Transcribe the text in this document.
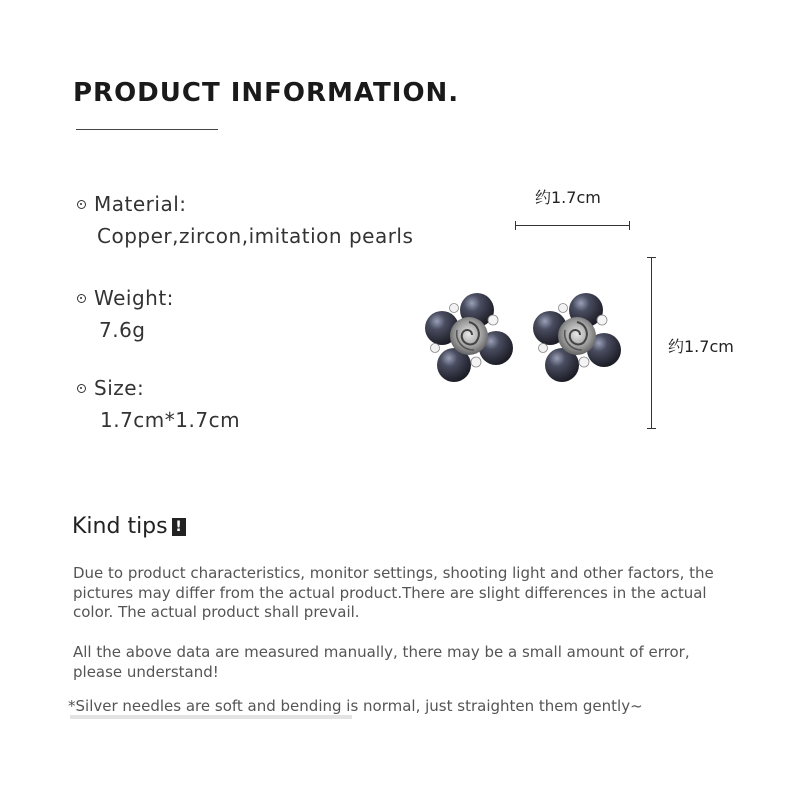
PRODUCT INFORMATION.
Material:
Copper,zircon,imitation pearls
Weight:
7.6g
Size:
1.7cm*1.7cm
约1.7cm
约1.7cm
Kind tips !
Due to product characteristics, monitor settings, shooting light and other factors, the pictures may differ from the actual product.There are slight differences in the actual color. The actual product shall prevail.
All the above data are measured manually, there may be a small amount of error, please understand!
*Silver needles are soft and bending is normal, just straighten them gently~
